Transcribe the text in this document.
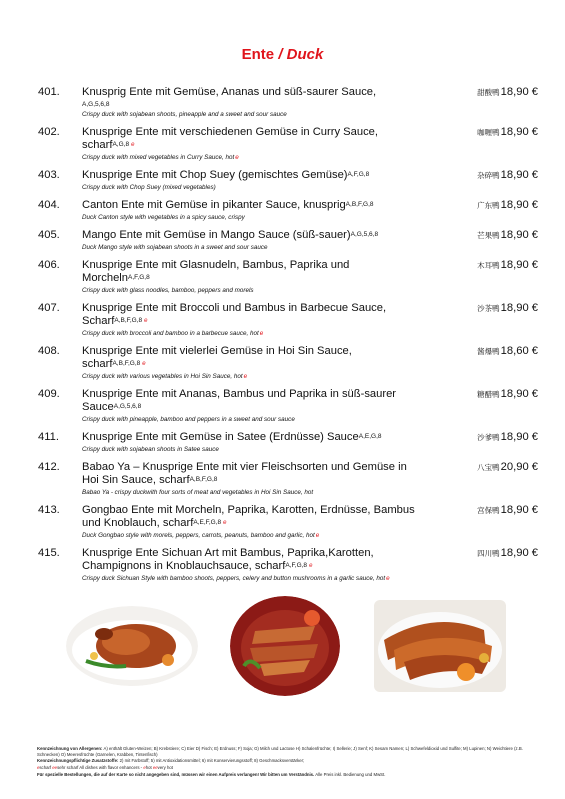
Ente / Duck
401. Knusprig Ente mit Gemüse, Ananas und süß-saurer Sauce,
A,G,5,6,8
Crispy duck with sojabean shoots, pineapple and a sweet and sour sauce
甜酸鸭18,90 €
402. Knusprige Ente mit verschiedenen Gemüse in Curry Sauce, scharf$^{A,G,8}$ e
Crispy duck with mixed vegetables in Curry Sauce, hote
咖喱鸭18,90 €
403. Knusprige Ente mit Chop Suey (gemischtes Gemüse)$^{A,F,G,8}$
Crispy duck with Chop Suey (mixed vegetables)
杂碎鸭18,90 €
404. Canton Ente mit Gemüse in pikanter Sauce, knusprig$^{A,B,F,G,8}$
Duck Canton style with vegetables in a spicy sauce, crispy
广东鸭18,90 €
405. Mango Ente mit Gemüse in Mango Sauce (süß-sauer)$^{A,G,5,6,8}$
Duck Mango style with sojabean shoots in a sweet and sour sauce
芒果鸭18,90 €
406. Knusprige Ente mit Glasnudeln, Bambus, Paprika und Morcheln$^{A,F,G,8}$
Crispy duck with glass noodles, bamboo, peppers and morels
木耳鸭18,90 €
407. Knusprige Ente mit Broccoli und Bambus in Barbecue Sauce, Scharf$^{A,B,F,G,8}$ e
Crispy duck with broccoli and bamboo in a barbecue sauce, hote
沙茶鸭18,90 €
408. Knusprige Ente mit vielerlei Gemüse in Hoi Sin Sauce, scharf$^{A,B,F,G,8}$ e
Crispy duck with various vegetables in Hoi Sin Sauce, hote
酱爆鸭18,60 €
409. Knusprige Ente mit Ananas, Bambus und Paprika in süß-saurer Sauce$^{A,G,5,6,8}$
Crispy duck with pineapple, bamboo and peppers in a sweet and sour sauce
糖醋鸭18,90 €
411. Knusprige Ente mit Gemüse in Satee (Erdnüsse) Sauce$^{A,E,G,8}$
Crispy duck with sojabean shoots in Satee sauce
沙爹鸭18,90 €
412. Babao Ya – Knusprige Ente mit vier Fleischsorten und Gemüse in Hoi Sin Sauce, scharf$^{A,B,F,G,8}$
Babao Ya - crispy duckwith four sorts of meat and vegetables in Hoi Sin Sauce, hot
八宝鸭20,90 €
413. Gongbao Ente mit Morcheln, Paprika, Karotten, Erdnüsse, Bambus und Knoblauch, scharf$^{A,E,F,G,8}$ e
Duck Gongbao style with morels, peppers, carrots, peanuts, bamboo and garlic, hote
宫保鸭18,90 €
415. Knusprige Ente Sichuan Art mit Bambus, Paprika,Karotten, Champignons in Knoblauchsauce, scharf$^{A,F,G,8}$ e
Crispy duck Sichuan Style with bamboo shoots, peppers, celery and button mushrooms in a garlic sauce, hote
四川鸭18,90 €
Kennzeichnung von Allergenen: A) enthält Gluten-Weizen; B) Krebstiere; C) Eier D) Fisch; E) Erdnuss; F) Soja; G) Milch und Lactose H) Schalenfrüchte; I) Sellerie; J) Senf; K) Sesam Namen; L) Schwefeldioxid und Sulfite; M) Lupinen; N) Weichtiere (z.B. Schnecken) O) Meeresfrüchte (Garnelen, Krabben, Tintenfisch)
Kennzeichnungspflichtige Zusatzstoffe: 2) mit Farbstoff; 5) mit Antioxidationsmittel; 6) mit Konservierungsstoff; 8) Geschmacksverstärker;
escharf eesehr scharf All dishes with flavor enhancers - ehot eevery hot
Für spezielle Bestellungen, die auf der Karte so nicht angegeben sind, müssen wir einen Aufpreis verlangen! Wir bitten um Verständnis. Alle Preis inkl. Bedienung und MwSt.
